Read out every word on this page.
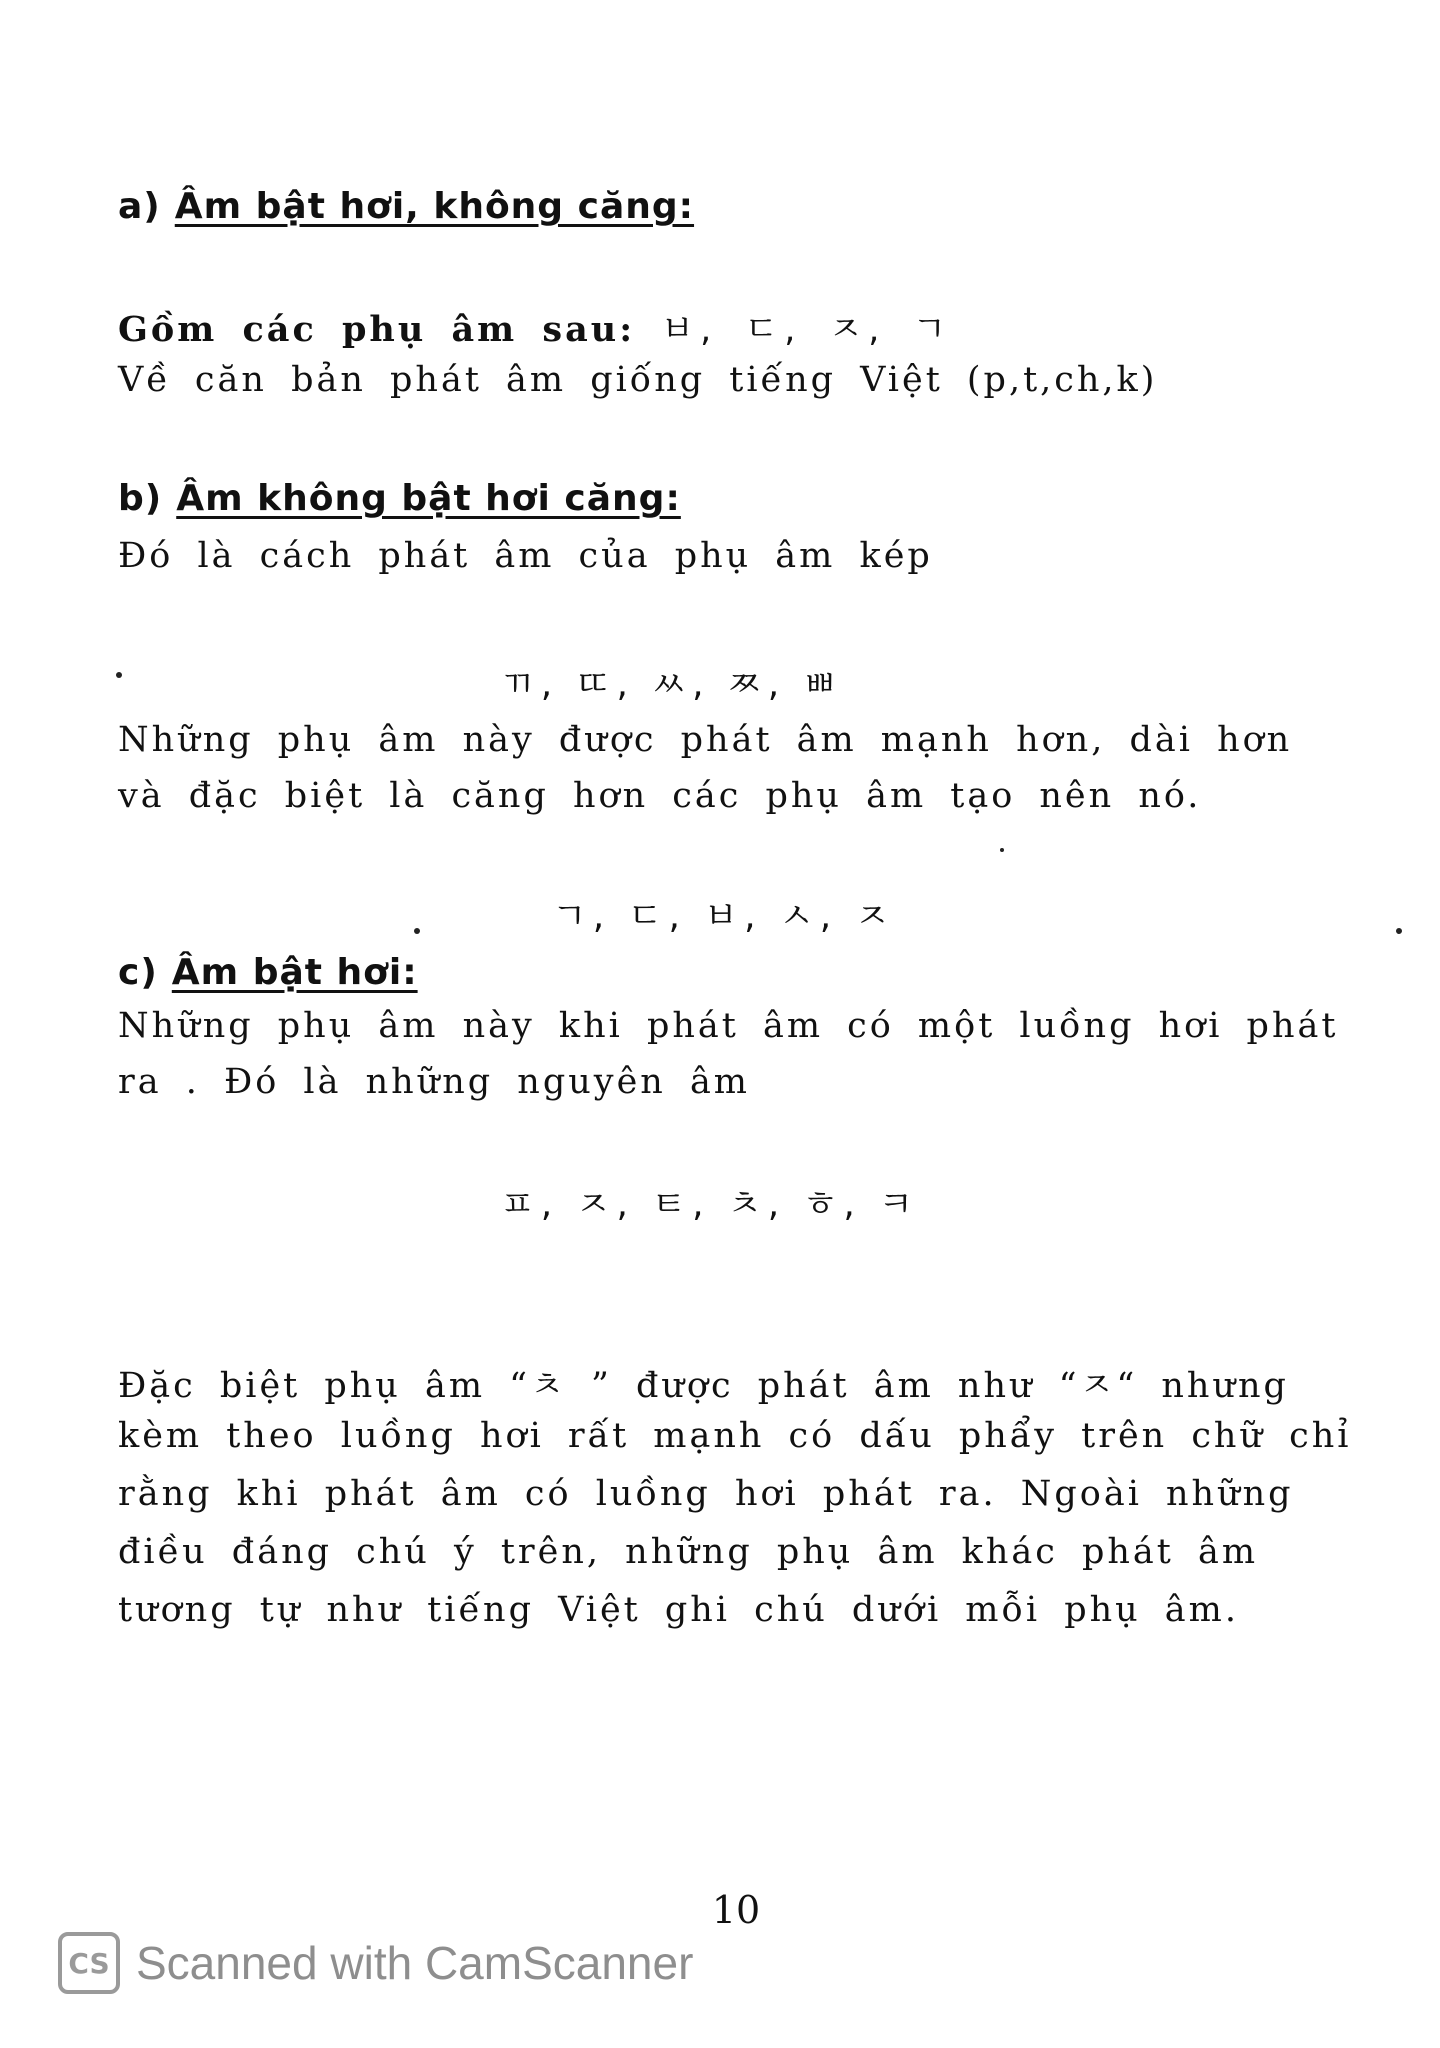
a) Âm bật hơi, không căng:
Gồm các phụ âm sau: ㅂ, ㄷ, ㅈ, ㄱ
Về căn bản phát âm giống tiếng Việt (p,t,ch,k)
b) Âm không bật hơi căng:
Đó là cách phát âm của phụ âm kép
ㄲ, ㄸ, ㅆ, ㅉ, ㅃ
Những phụ âm này được phát âm mạnh hơn, dài hơn
và đặc biệt là căng hơn các phụ âm tạo nên nó.
ㄱ, ㄷ, ㅂ, ㅅ, ㅈ
c) Âm bật hơi:
Những phụ âm này khi phát âm có một luồng hơi phát
ra . Đó là những nguyên âm
ㅍ, ㅈ, ㅌ, ㅊ, ㅎ, ㅋ
Đặc biệt phụ âm “ㅊ ” được phát âm như “ㅈ“ nhưng
kèm theo luồng hơi rất mạnh có dấu phẩy trên chữ chỉ
rằng khi phát âm có luồng hơi phát ra. Ngoài những
điều đáng chú ý trên, những phụ âm khác phát âm
tương tự như tiếng Việt ghi chú dưới mỗi phụ âm.
10
CS Scanned with CamScanner
